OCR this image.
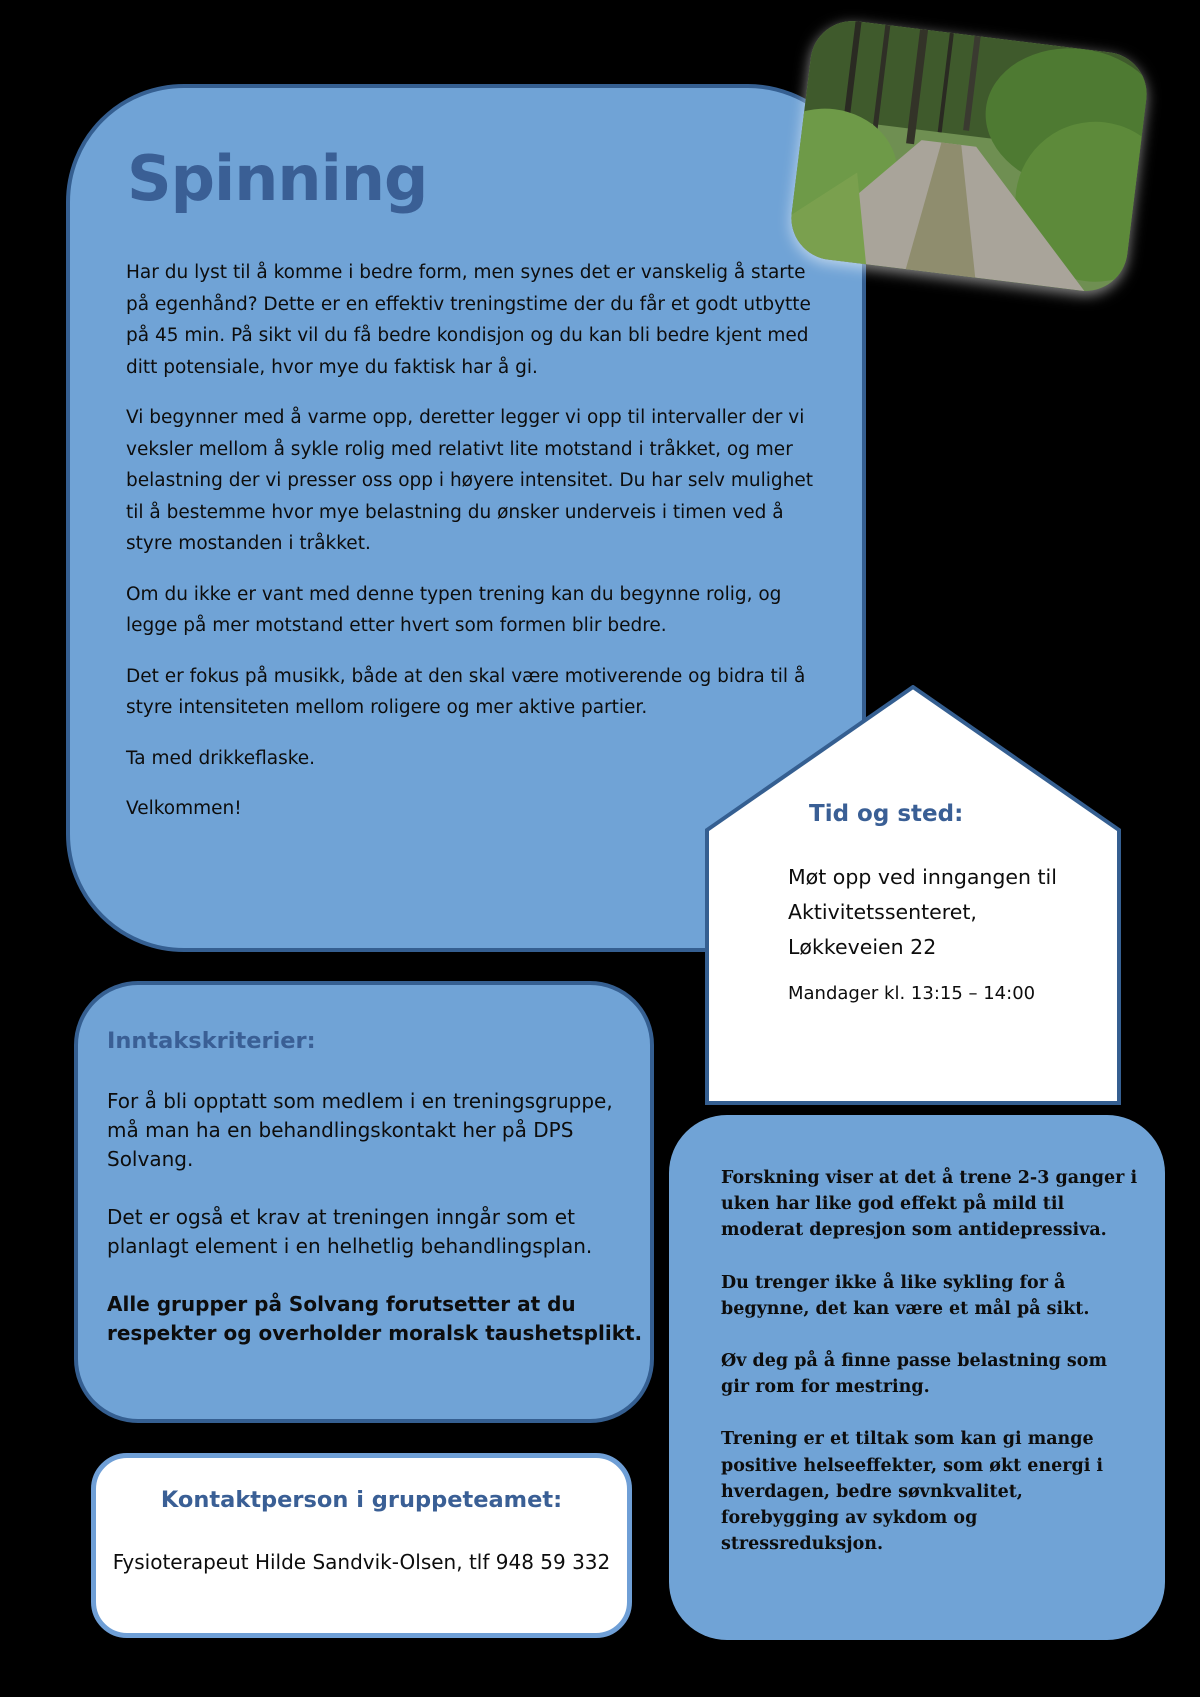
Spinning

Har du lyst til å komme i bedre form, men synes det er vanskelig å starte på egenhånd? Dette er en effektiv treningstime der du får et godt utbytte på 45 min. På sikt vil du få bedre kondisjon og du kan bli bedre kjent med ditt potensiale, hvor mye du faktisk har å gi.

Vi begynner med å varme opp, deretter legger vi opp til intervaller der vi veksler mellom å sykle rolig med relativt lite motstand i tråkket, og mer belastning der vi presser oss opp i høyere intensitet. Du har selv mulighet til å bestemme hvor mye belastning du ønsker underveis i timen ved å styre mostanden i tråkket.

Om du ikke er vant med denne typen trening kan du begynne rolig, og legge på mer motstand etter hvert som formen blir bedre.

Det er fokus på musikk, både at den skal være motiverende og bidra til å styre intensiteten mellom roligere og mer aktive partier.

Ta med drikkeflaske.

Velkommen!	Tid og sted:
Møt opp ved inngangen til
Aktivitetssenteret,
Løkkeveien 22
Mandager kl. 13:15 – 14:00
Inntakskriterier:

For å bli opptatt som medlem i en treningsgruppe, må man ha en behandlingskontakt her på DPS Solvang.

Det er også et krav at treningen inngår som et planlagt element i en helhetlig behandlingsplan.

Alle grupper på Solvang forutsetter at du respekter og overholder moralsk taushetsplikt.

Kontaktperson i gruppeteamet:
Fysioterapeut Hilde Sandvik-Olsen, tlf 948 59 332

Forskning viser at det å trene 2-3 ganger i uken har like god effekt på mild til moderat depresjon som antidepressiva.

Du trenger ikke å like sykling for å begynne, det kan være et mål på sikt.

Øv deg på å finne passe belastning som gir rom for mestring.

Trening er et tiltak som kan gi mange positive helseeffekter, som økt energi i hverdagen, bedre søvnkvalitet, forebygging av sykdom og stressreduksjon.
